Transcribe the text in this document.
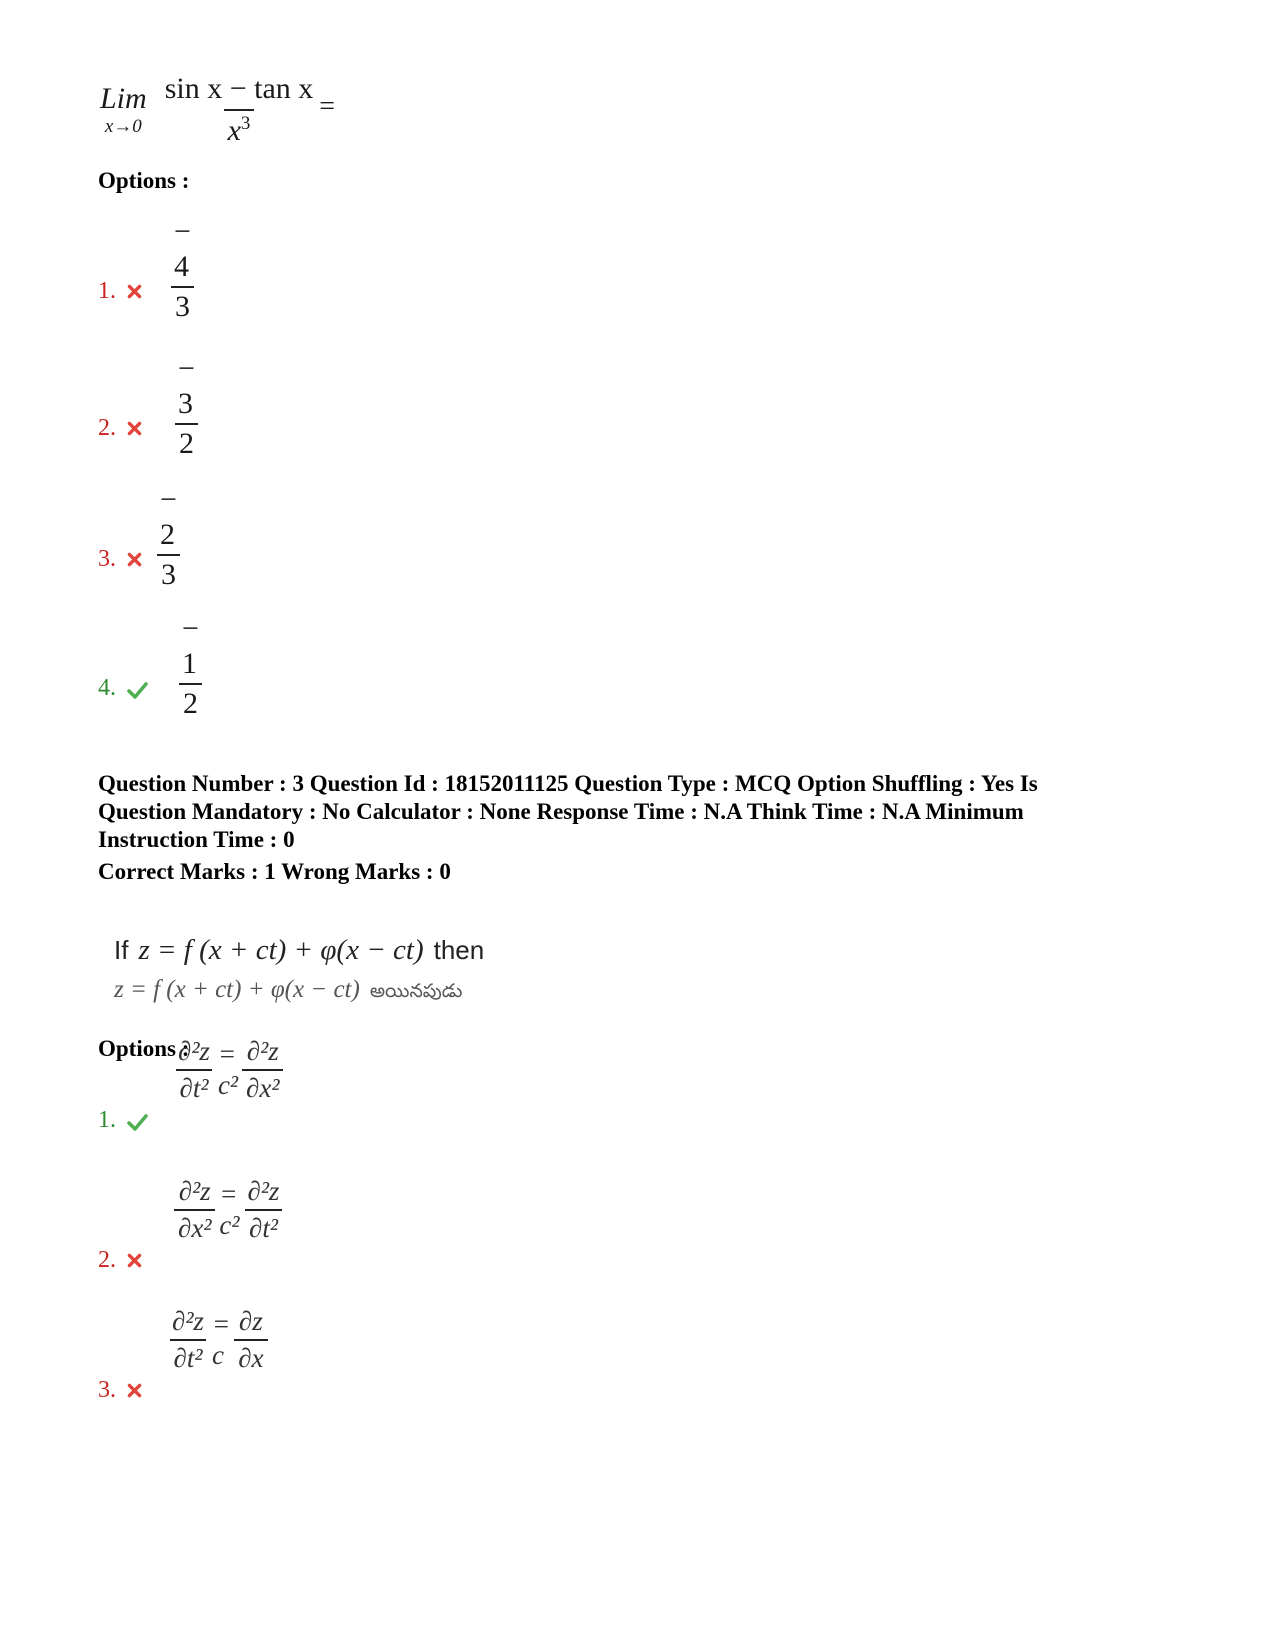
Lim
$x\to 0 \frac{\text{sin x − tan x}}{x^3}$ =
Options :
1. $\frac{- 4}{3}$
2. $\frac{- 3}{2}$
3. $\frac{- 2}{3}$
4. $\frac{- 1}{2}$
Question Number : 3 Question Id : 18152011125 Question Type : MCQ Option Shuffling : Yes Is
Question Mandatory : No Calculator : None Response Time : N.A Think Time : N.A Minimum
Instruction Time : 0
Correct Marks : 1 Wrong Marks : 0
If z = f (x + ct) + φ(x − ct) then
z = f (x + ct) + φ(x − ct) అయినపుడు
Options :
1.
$\frac{\text{∂²z}}{\text{∂t²}} = c^2 \frac{\text{∂²z}}{\text{∂x²}}$
2.
$\frac{\text{∂²z}}{\text{∂x²}} = c^2 \frac{\text{∂²z}}{\text{∂t²}}$
3.
$\frac{\text{∂²z}}{\text{∂t²}} = c \frac{\partial z}{\partial x}$
